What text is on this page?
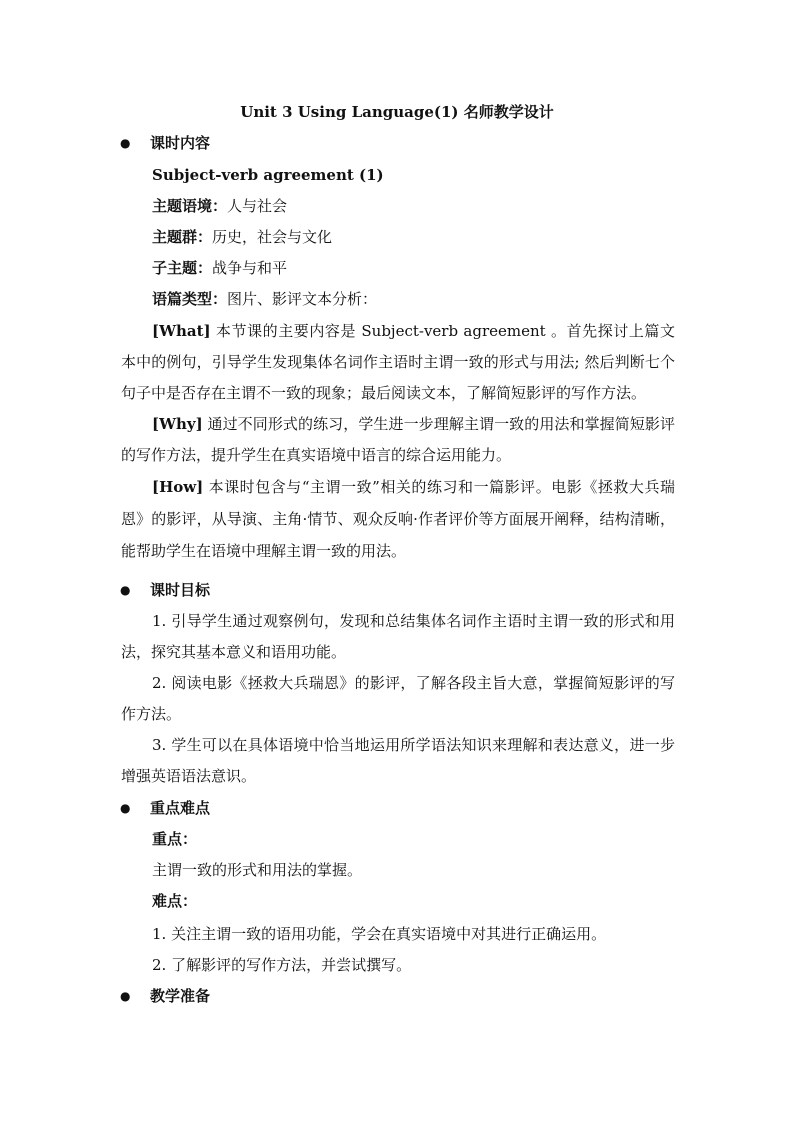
Unit 3 Using Language(1) 名师教学设计
● 课时内容
Subject-verb agreement (1)
主题语境：人与社会
主题群：历史，社会与文化
子主题：战争与和平
语篇类型：图片、影评文本分析：
[What] 本节课的主要内容是 Subject-verb agreement 。首先探讨上篇文本中的例句，引导学生发现集体名词作主语时主谓一致的形式与用法; 然后判断七个句子中是否存在主谓不一致的现象；最后阅读文本，了解简短影评的写作方法。
[Why] 通过不同形式的练习，学生进一步理解主谓一致的用法和掌握简短影评的写作方法，提升学生在真实语境中语言的综合运用能力。
[How] 本课时包含与“主谓一致”相关的练习和一篇影评。电影《拯救大兵瑞恩》的影评，从导演、主角·情节、观众反响·作者评价等方面展开阐释，结构清晰，能帮助学生在语境中理解主谓一致的用法。
● 课时目标
1. 引导学生通过观察例句，发现和总结集体名词作主语时主谓一致的形式和用法，探究其基本意义和语用功能。
2. 阅读电影《拯救大兵瑞恩》的影评，了解各段主旨大意，掌握简短影评的写作方法。
3. 学生可以在具体语境中恰当地运用所学语法知识来理解和表达意义，进一步增强英语语法意识。
● 重点难点
重点：
主谓一致的形式和用法的掌握。
难点：
1. 关注主谓一致的语用功能，学会在真实语境中对其进行正确运用。
2. 了解影评的写作方法，并尝试撰写。
● 教学准备
